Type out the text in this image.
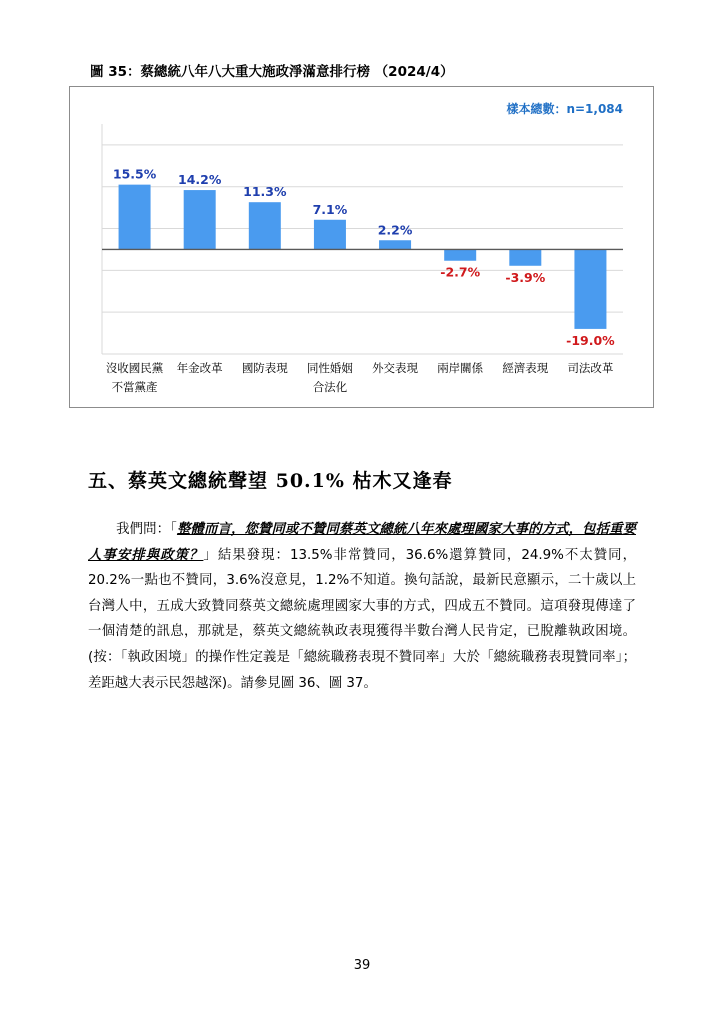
圖 35：蔡總統八年八大重大施政淨滿意排行榜 （2024/4）
15.5%
沒收國民黨
不當黨產
14.2%
年金改革
11.3%
國防表現
7.1%
同性婚姻
合法化
2.2%
外交表現
-2.7%
兩岸關係
-3.9%
經濟表現
-19.0%
司法改革
樣本總數：n=1,084
五、蔡英文總統聲望 50.1% 枯木又逢春
我們問：「整體而言，您贊同或不贊同蔡英文總統八年來處理國家大事的方式，包括重要人事安排與政策？」結果發現：13.5%非常贊同，36.6%還算贊同，24.9%不太贊同，20.2%一點也不贊同，3.6%沒意見，1.2%不知道。換句話說，最新民意顯示，二十歲以上台灣人中，五成大致贊同蔡英文總統處理國家大事的方式，四成五不贊同。這項發現傳達了一個清楚的訊息，那就是，蔡英文總統執政表現獲得半數台灣人民肯定，已脫離執政困境。(按：「執政困境」的操作性定義是「總統職務表現不贊同率」大於「總統職務表現贊同率」；差距越大表示民怨越深)。請參見圖 36、圖 37。
39
